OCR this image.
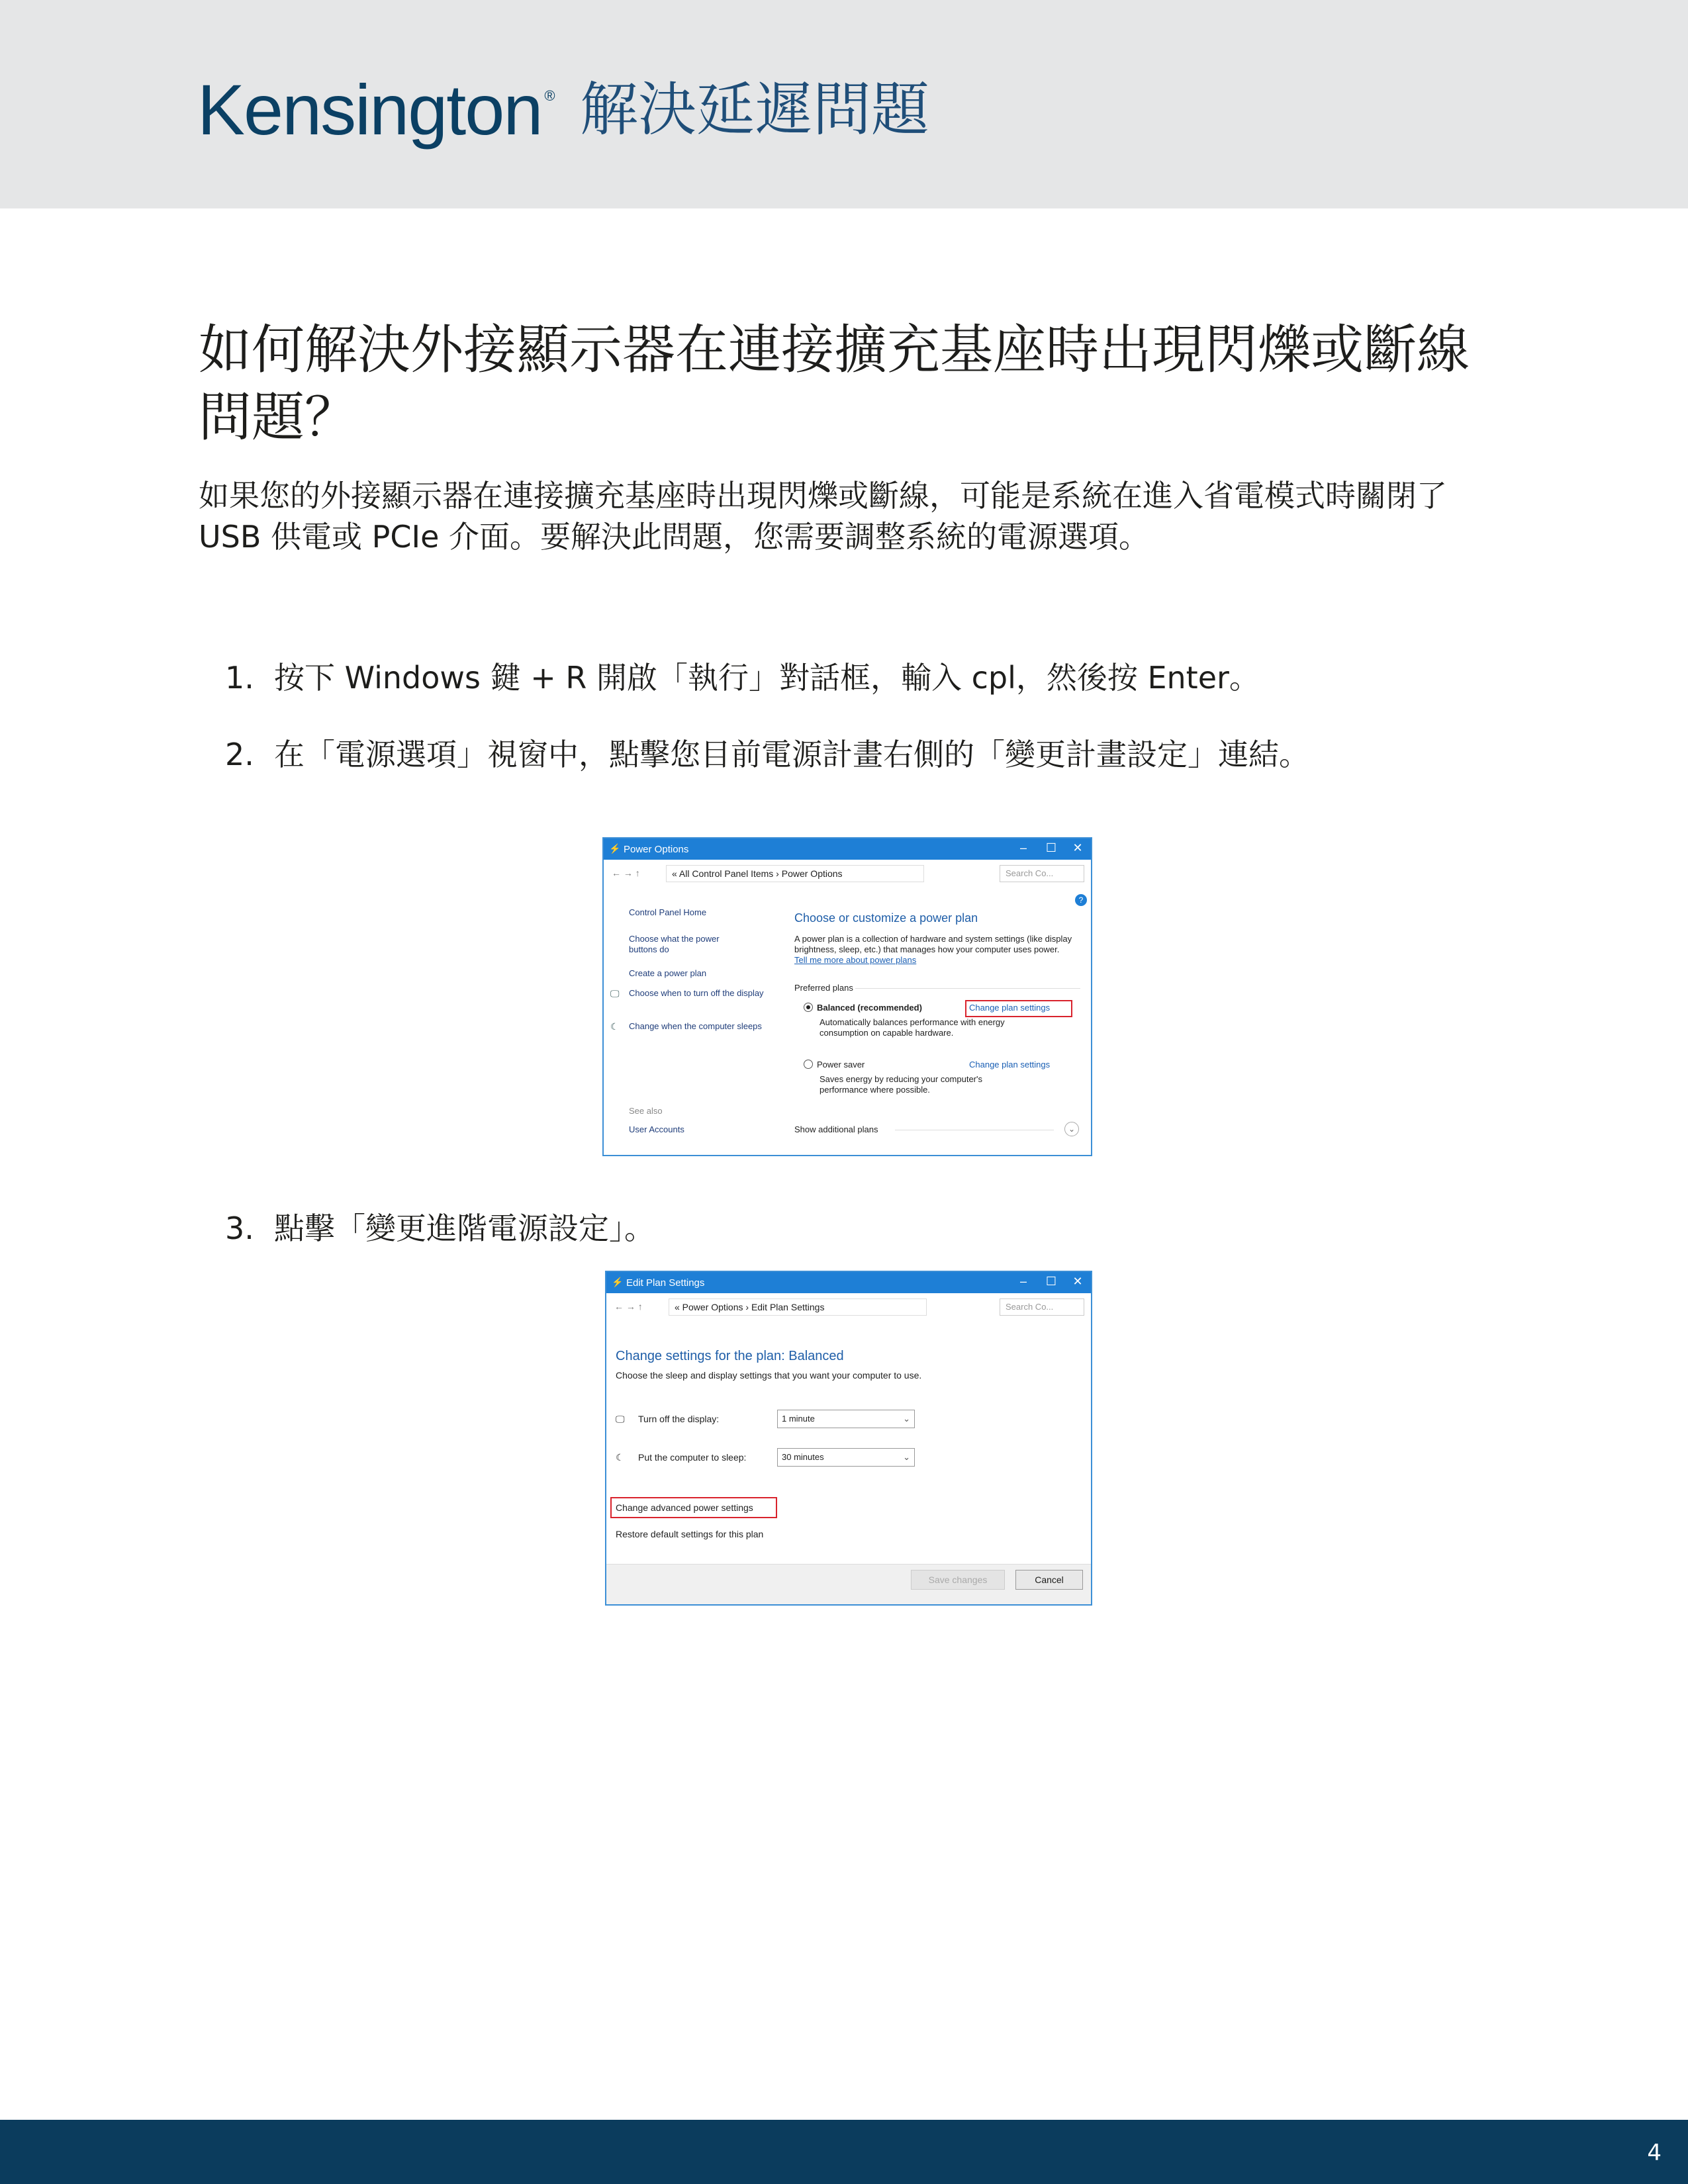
Kensington ® 解決延遲問題
如何解決外接顯示器在連接擴充基座時出現閃爍或斷線問題？
如果您的外接顯示器在連接擴充基座時出現閃爍或斷線，可能是系統在進入省電模式時關閉了 USB 供電或 PCIe 介面。要解決此問題，您需要調整系統的電源選項。
1. 按下 Windows 鍵 + R 開啟「執行」對話框，輸入 cpl，然後按 Enter。
2. 在「電源選項」視窗中，點擊您目前電源計畫右側的「變更計畫設定」連結。
⚡ Power Options	–	☐ ✕
← → ↑	« All Control Panel Items › Power Options	Search Co...
?
Control Panel Home
Choose what the power buttons do
Create a power plan
🖵 Choose when to turn off the display
☾ Change when the computer sleeps
See also
User Accounts
Choose or customize a power plan
A power plan is a collection of hardware and system settings (like display brightness, sleep, etc.) that manages how your computer uses power. Tell me more about power plans
Preferred plans
Balanced (recommended)	Change plan settings
Automatically balances performance with energy consumption on capable hardware.
Power saver	Change plan settings
Saves energy by reducing your computer's performance where possible.
Show additional plans	⌄
3. 點擊「變更進階電源設定」。
⚡ Edit Plan Settings	–	☐ ✕
← → ↑	« Power Options › Edit Plan Settings	Search Co...
Change settings for the plan: Balanced
Choose the sleep and display settings that you want your computer to use.
🖵 Turn off the display:	1 minute	⌄
☾ Put the computer to sleep:	30 minutes	⌄
Change advanced power settings
Restore default settings for this plan
Save changes	Cancel
4
